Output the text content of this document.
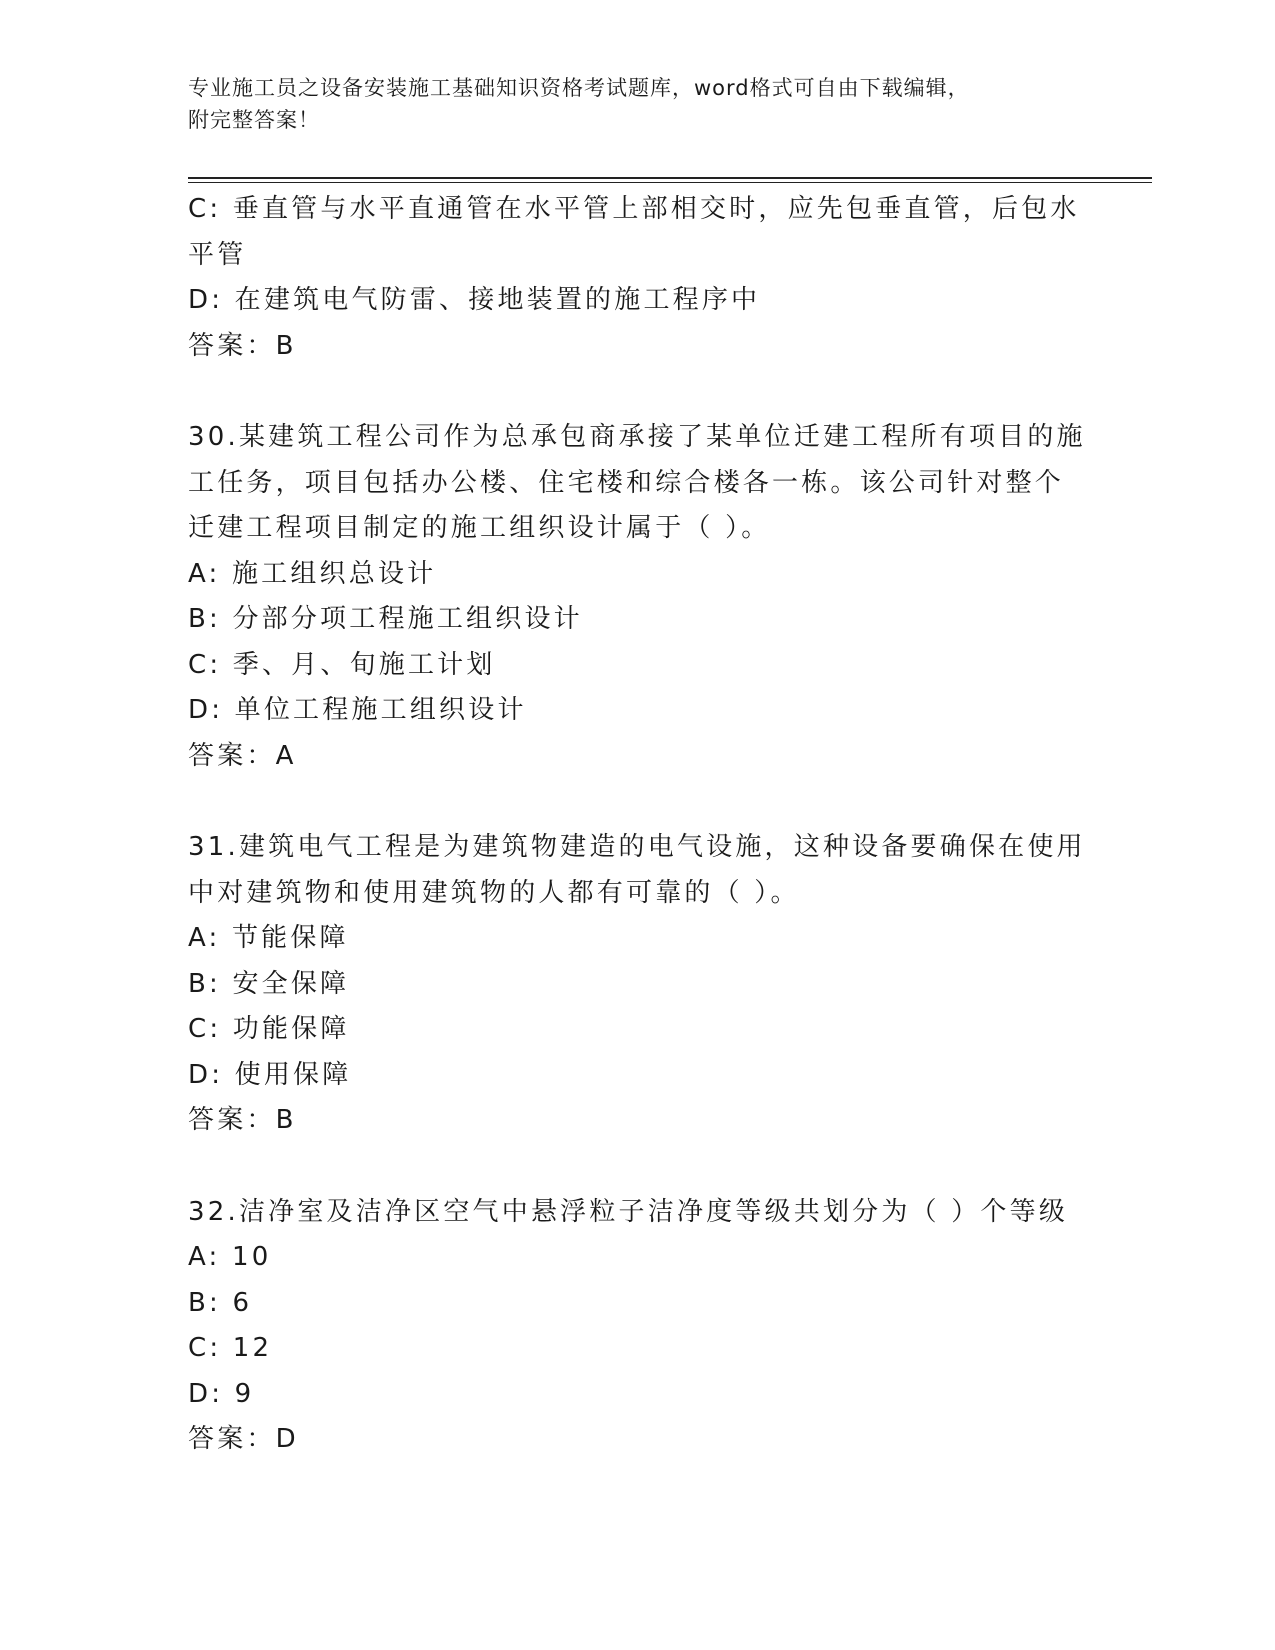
专业施工员之设备安装施工基础知识资格考试题库，word格式可自由下载编辑，
附完整答案！
C: 垂直管与水平直通管在水平管上部相交时，应先包垂直管，后包水
平管
D: 在建筑电气防雷、接地装置的施工程序中
答案：B
30.某建筑工程公司作为总承包商承接了某单位迁建工程所有项目的施
工任务，项目包括办公楼、住宅楼和综合楼各一栋。该公司针对整个
迁建工程项目制定的施工组织设计属于（ ）。
A: 施工组织总设计
B: 分部分项工程施工组织设计
C: 季、月、旬施工计划
D: 单位工程施工组织设计
答案：A
31.建筑电气工程是为建筑物建造的电气设施，这种设备要确保在使用
中对建筑物和使用建筑物的人都有可靠的（ ）。
A: 节能保障
B: 安全保障
C: 功能保障
D: 使用保障
答案：B
32.洁净室及洁净区空气中悬浮粒子洁净度等级共划分为（ ）个等级
A: 10
B: 6
C: 12
D: 9
答案：D
